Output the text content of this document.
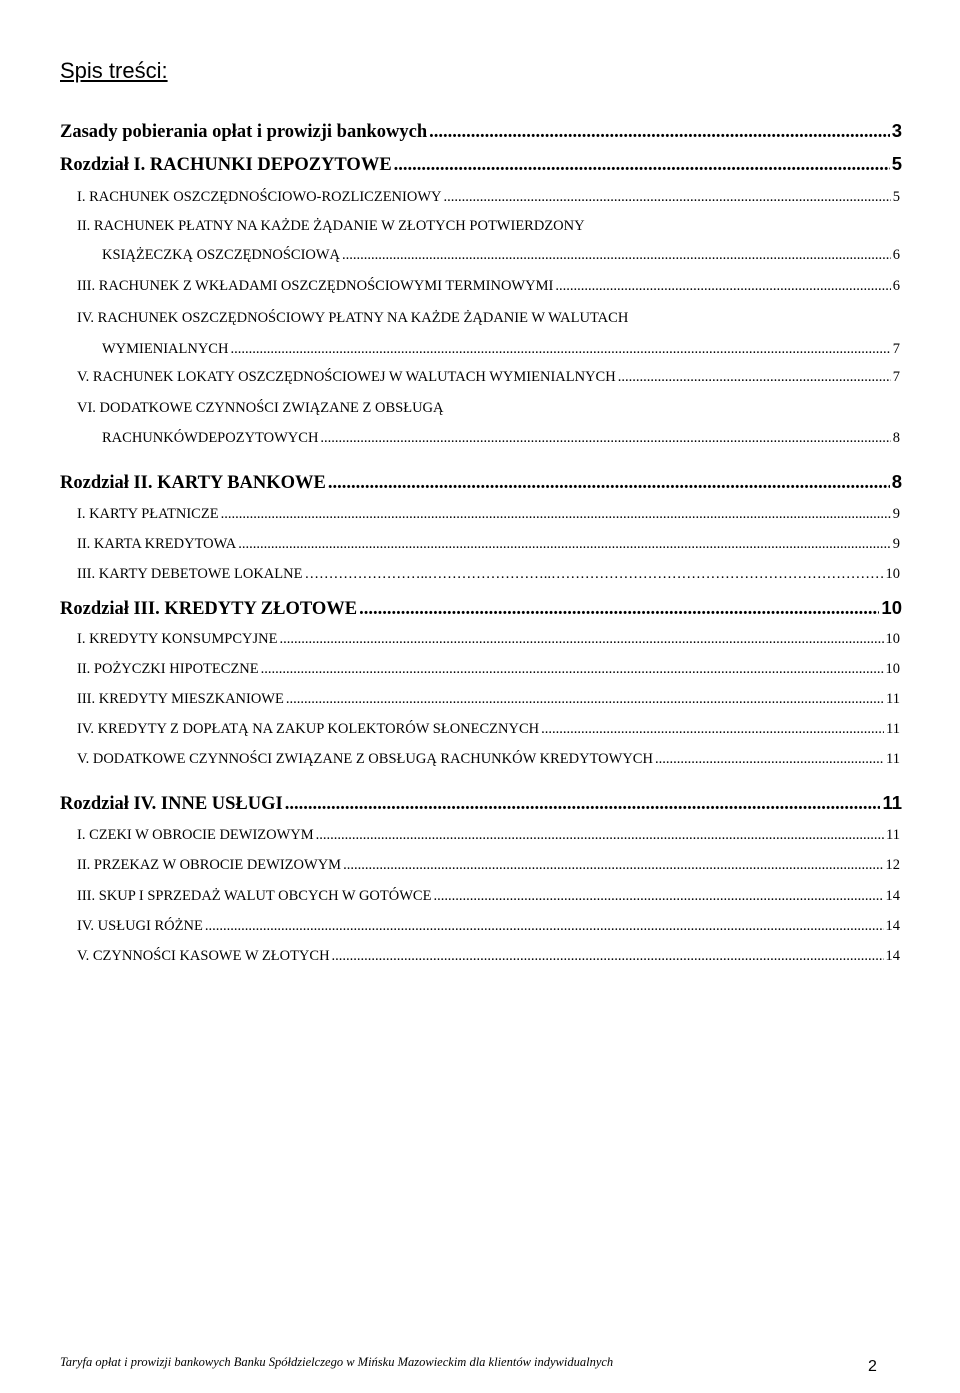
Spis treści:
Zasady pobierania opłat i prowizji bankowych .....	3
Rozdział I. RACHUNKI DEPOZYTOWE .....	5
I. RACHUNEK OSZCZĘDNOŚCIOWO-ROZLICZENIOWY .....	5
II. RACHUNEK PŁATNY NA KAŻDE ŻĄDANIE W ZŁOTYCH POTWIERDZONY
KSIĄŻECZKĄ OSZCZĘDNOŚCIOWĄ .....	6
III. RACHUNEK Z WKŁADAMI OSZCZĘDNOŚCIOWYMI TERMINOWYMI .....	6
IV. RACHUNEK OSZCZĘDNOŚCIOWY PŁATNY NA KAŻDE ŻĄDANIE W WALUTACH
WYMIENIALNYCH .....	7
V. RACHUNEK LOKATY OSZCZĘDNOŚCIOWEJ W WALUTACH WYMIENIALNYCH .....	7
VI. DODATKOWE CZYNNOŚCI ZWIĄZANE Z OBSŁUGĄ
RACHUNKÓWDEPOZYTOWYCH .....	8
Rozdział II. KARTY BANKOWE .....	8
I. KARTY PŁATNICZE .....	9
II. KARTA KREDYTOWA .....	9
III. KARTY DEBETOWE LOKALNE ……………………..……………………..…………………………………………………………………	10
Rozdział III. KREDYTY ZŁOTOWE .....	10
I. KREDYTY KONSUMPCYJNE .....	10
II. POŻYCZKI HIPOTECZNE .....	10
III. KREDYTY MIESZKANIOWE .....	11
IV. KREDYTY Z DOPŁATĄ NA ZAKUP KOLEKTORÓW SŁONECZNYCH .....	11
V. DODATKOWE CZYNNOŚCI ZWIĄZANE Z OBSŁUGĄ RACHUNKÓW KREDYTOWYCH .....	11
Rozdział IV. INNE USŁUGI .....	11
I. CZEKI W OBROCIE DEWIZOWYM .....	11
II. PRZEKAZ W OBROCIE DEWIZOWYM .....	12
III. SKUP I SPRZEDAŻ WALUT OBCYCH W GOTÓWCE .....	14
IV. USŁUGI RÓŻNE .....	14
V. CZYNNOŚCI KASOWE W ZŁOTYCH .....	14
Taryfa opłat i prowizji bankowych Banku Spółdzielczego w Mińsku Mazowieckim dla klientów indywidualnych	2
